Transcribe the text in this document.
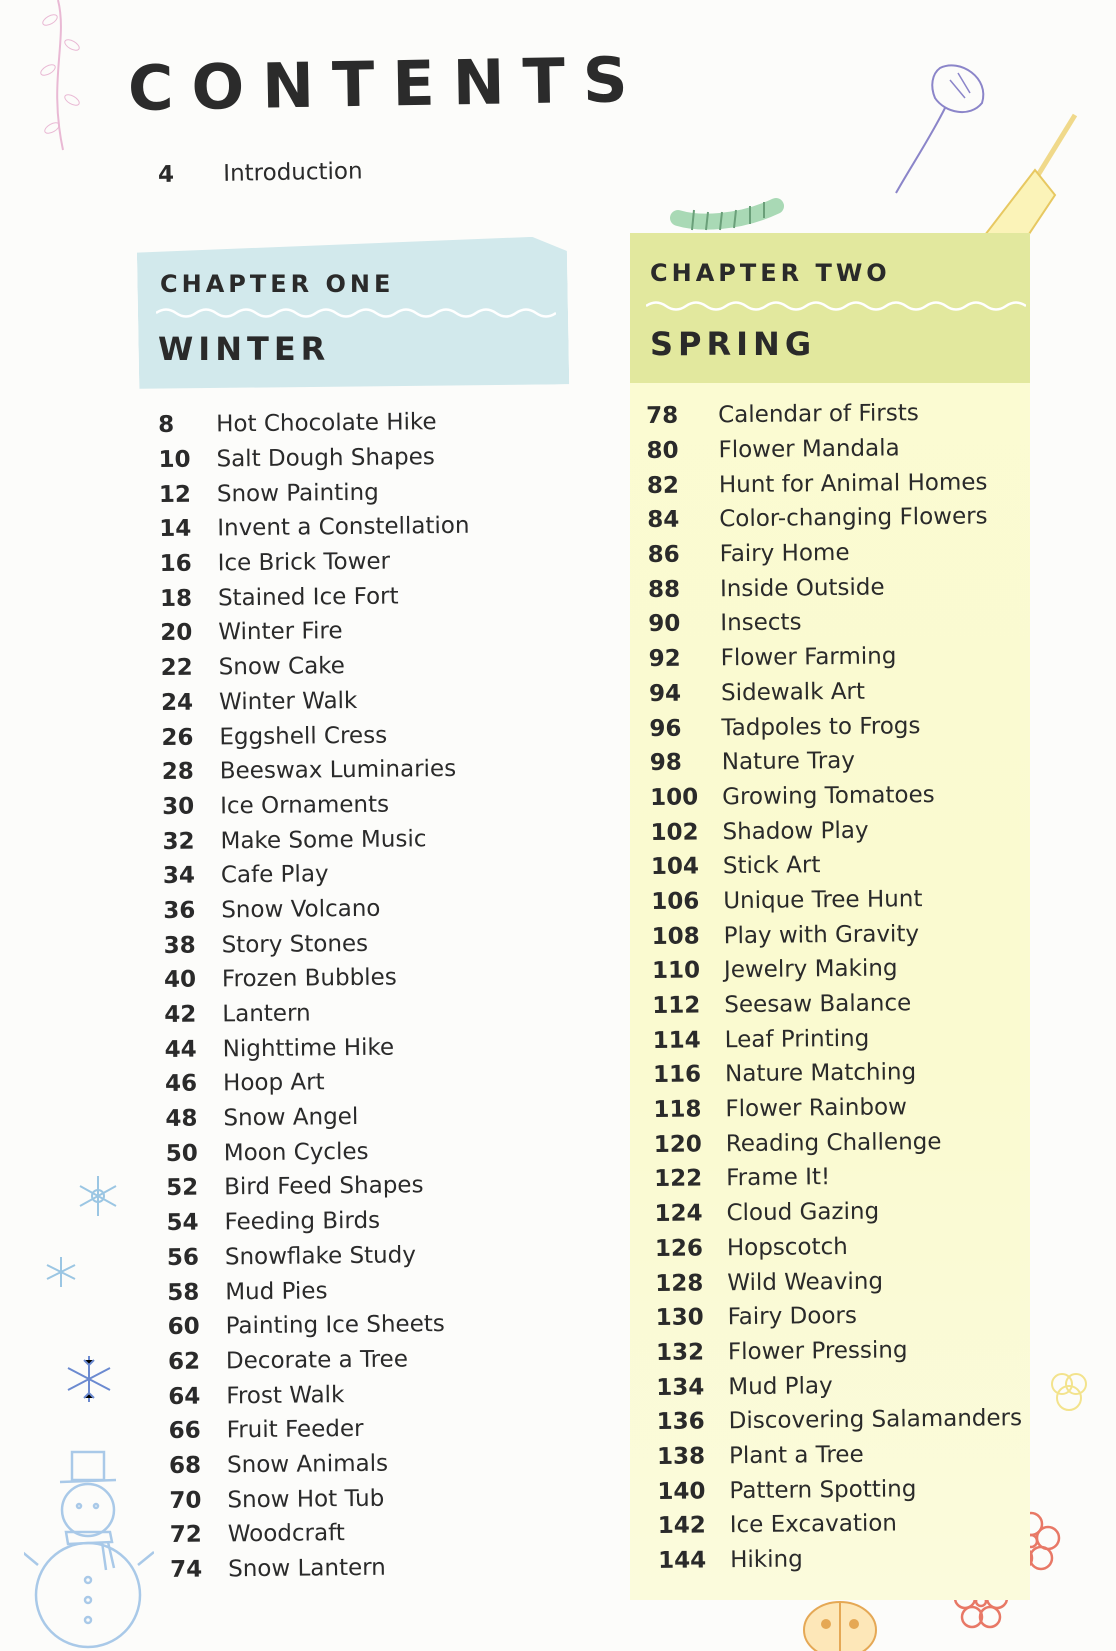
CONTENTS
4 Introduction
CHAPTER ONE
WINTER
CHAPTER TWO
SPRING
8	Hot Chocolate Hike
10	Salt Dough Shapes
12	Snow Painting
14	Invent a Constellation
16	Ice Brick Tower
18	Stained Ice Fort
20	Winter Fire
22	Snow Cake
24	Winter Walk
26	Eggshell Cress
28	Beeswax Luminaries
30	Ice Ornaments
32	Make Some Music
34	Cafe Play
36	Snow Volcano
38	Story Stones
40	Frozen Bubbles
42	Lantern
44	Nighttime Hike
46	Hoop Art
48	Snow Angel
50	Moon Cycles
52	Bird Feed Shapes
54	Feeding Birds
56	Snowflake Study
58	Mud Pies
60	Painting Ice Sheets
62	Decorate a Tree
64	Frost Walk
66	Fruit Feeder
68	Snow Animals
70	Snow Hot Tub
72	Woodcraft
74	Snow Lantern
78	Calendar of Firsts
80	Flower Mandala
82	Hunt for Animal Homes
84	Color-changing Flowers
86	Fairy Home
88	Inside Outside
90	Insects
92	Flower Farming
94	Sidewalk Art
96	Tadpoles to Frogs
98	Nature Tray
100	Growing Tomatoes
102	Shadow Play
104	Stick Art
106	Unique Tree Hunt
108	Play with Gravity
110	Jewelry Making
112	Seesaw Balance
114	Leaf Printing
116	Nature Matching
118	Flower Rainbow
120	Reading Challenge
122	Frame It!
124	Cloud Gazing
126	Hopscotch
128	Wild Weaving
130	Fairy Doors
132	Flower Pressing
134	Mud Play
136	Discovering Salamanders
138	Plant a Tree
140	Pattern Spotting
142	Ice Excavation
144	Hiking
